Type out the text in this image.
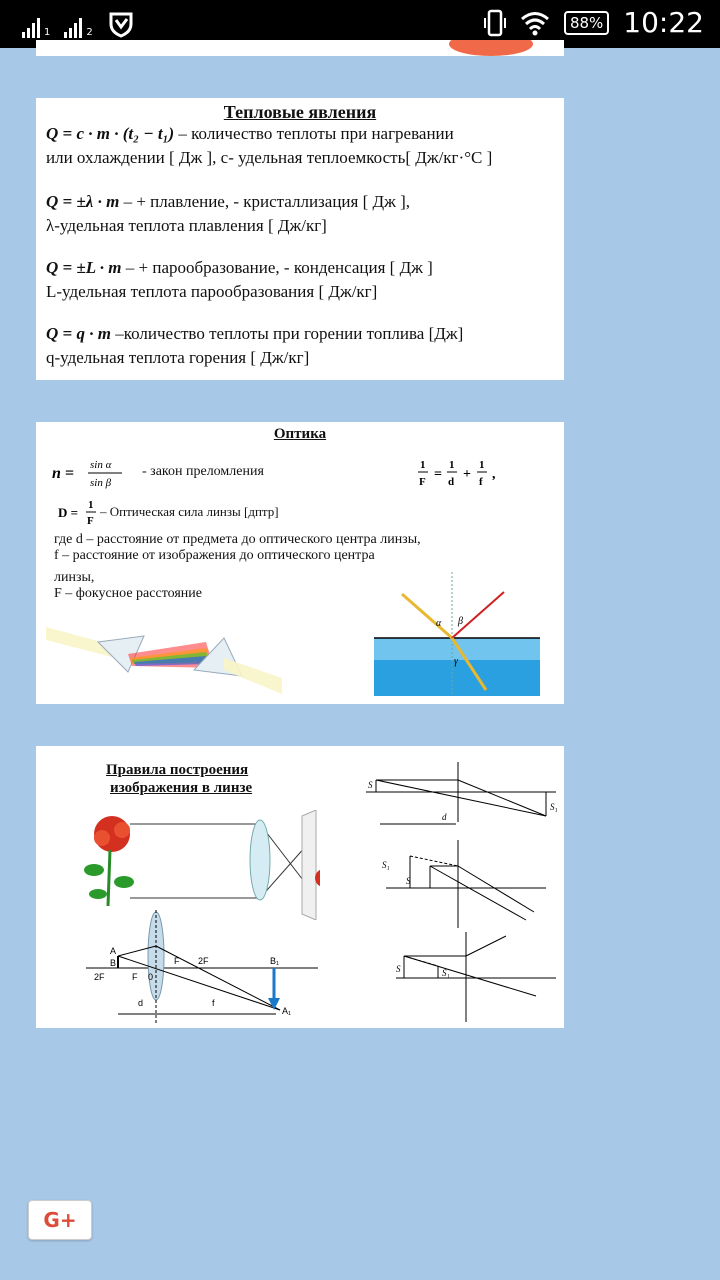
$_1$	$_2$
88% 10:22
Тепловые явления
Q = c · m · (t₂ − t₁) – количество теплоты при нагревании
или охлаждении [ Дж ], с- удельная теплоемкость[ Дж/кг·°С ]
Q = ±λ · m – + плавление, - кристаллизация [ Дж ],
λ-удельная теплота плавления [ Дж/кг]
Q = ±L · m – + парообразование, - конденсация [ Дж ]
L-удельная теплота парообразования [ Дж/кг]
Q = q · m –количество теплоты при горении топлива [Дж]
q-удельная теплота горения [ Дж/кг]
Оптика
n = sin α
sin β
- закон преломления	1
F =
1
d +
1
f ,
D = 1
F
– Оптическая сила линзы [дптр]
где d – расстояние от предмета до оптического центра линзы,
f – расстояние от изображения до оптического центра
линзы,
F – фокусное расстояние
α β
γ
Правила построения
изображения в линзе
A
B
2F	F 0
F 2F	B₁
A₁
d	f
d
S
S₁
S
S₁
S	S₁
G+
